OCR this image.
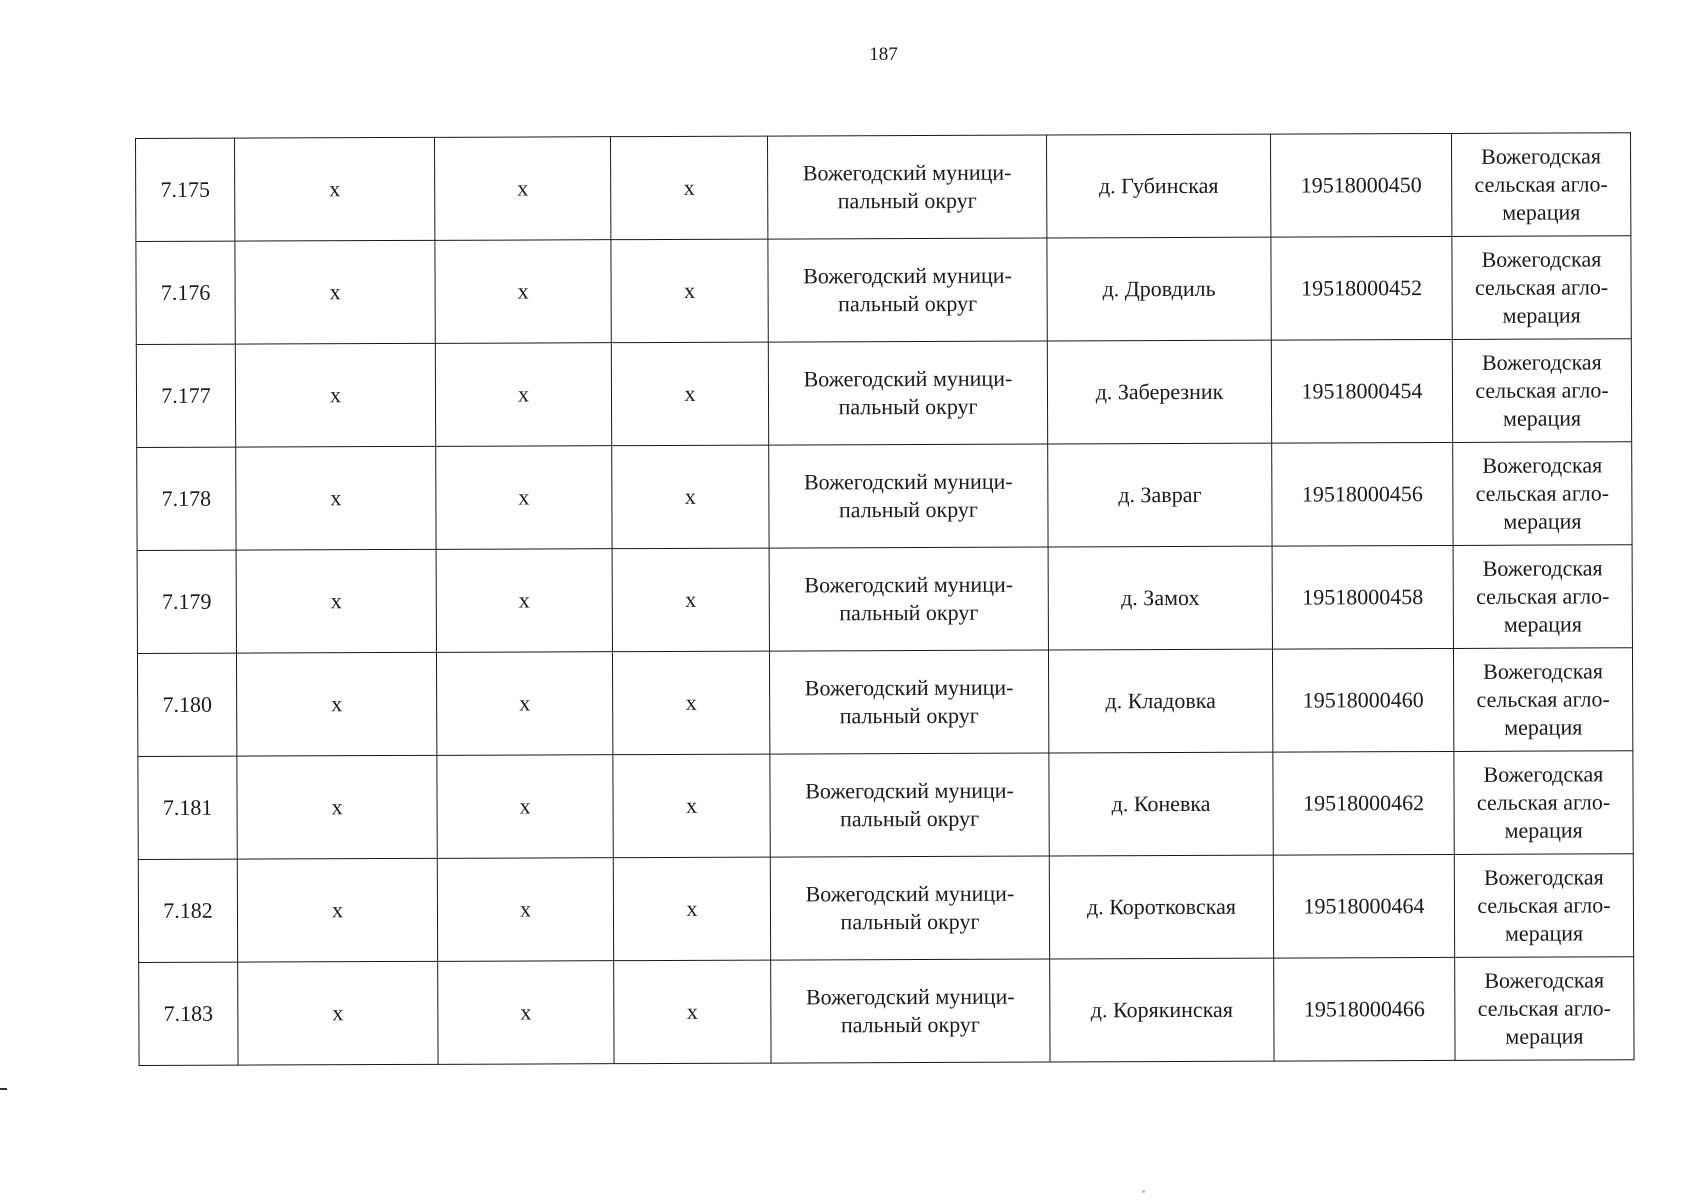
187
7.175	x	x	x	Вожегодский муници-
пальный округ	д. Губинская	19518000450	Вожегодская
сельская агло-
мерация
7.176	x	x	x	Вожегодский муници-
пальный округ	д. Дровдиль	19518000452	Вожегодская
сельская агло-
мерация
7.177	x	x	x	Вожегодский муници-
пальный округ	д. Заберезник	19518000454	Вожегодская
сельская агло-
мерация
7.178	x	x	x	Вожегодский муници-
пальный округ	д. Завраг	19518000456	Вожегодская
сельская агло-
мерация
7.179	x	x	x	Вожегодский муници-
пальный округ	д. Замох	19518000458	Вожегодская
сельская агло-
мерация
7.180	x	x	x	Вожегодский муници-
пальный округ	д. Кладовка	19518000460	Вожегодская
сельская агло-
мерация
7.181	x	x	x	Вожегодский муници-
пальный округ	д. Коневка	19518000462	Вожегодская
сельская агло-
мерация
7.182	x	x	x	Вожегодский муници-
пальный округ	д. Коротковская	19518000464	Вожегодская
сельская агло-
мерация
7.183	x	x	x	Вожегодский муници-
пальный округ	д. Корякинская	19518000466	Вожегодская
сельская агло-
мерация
